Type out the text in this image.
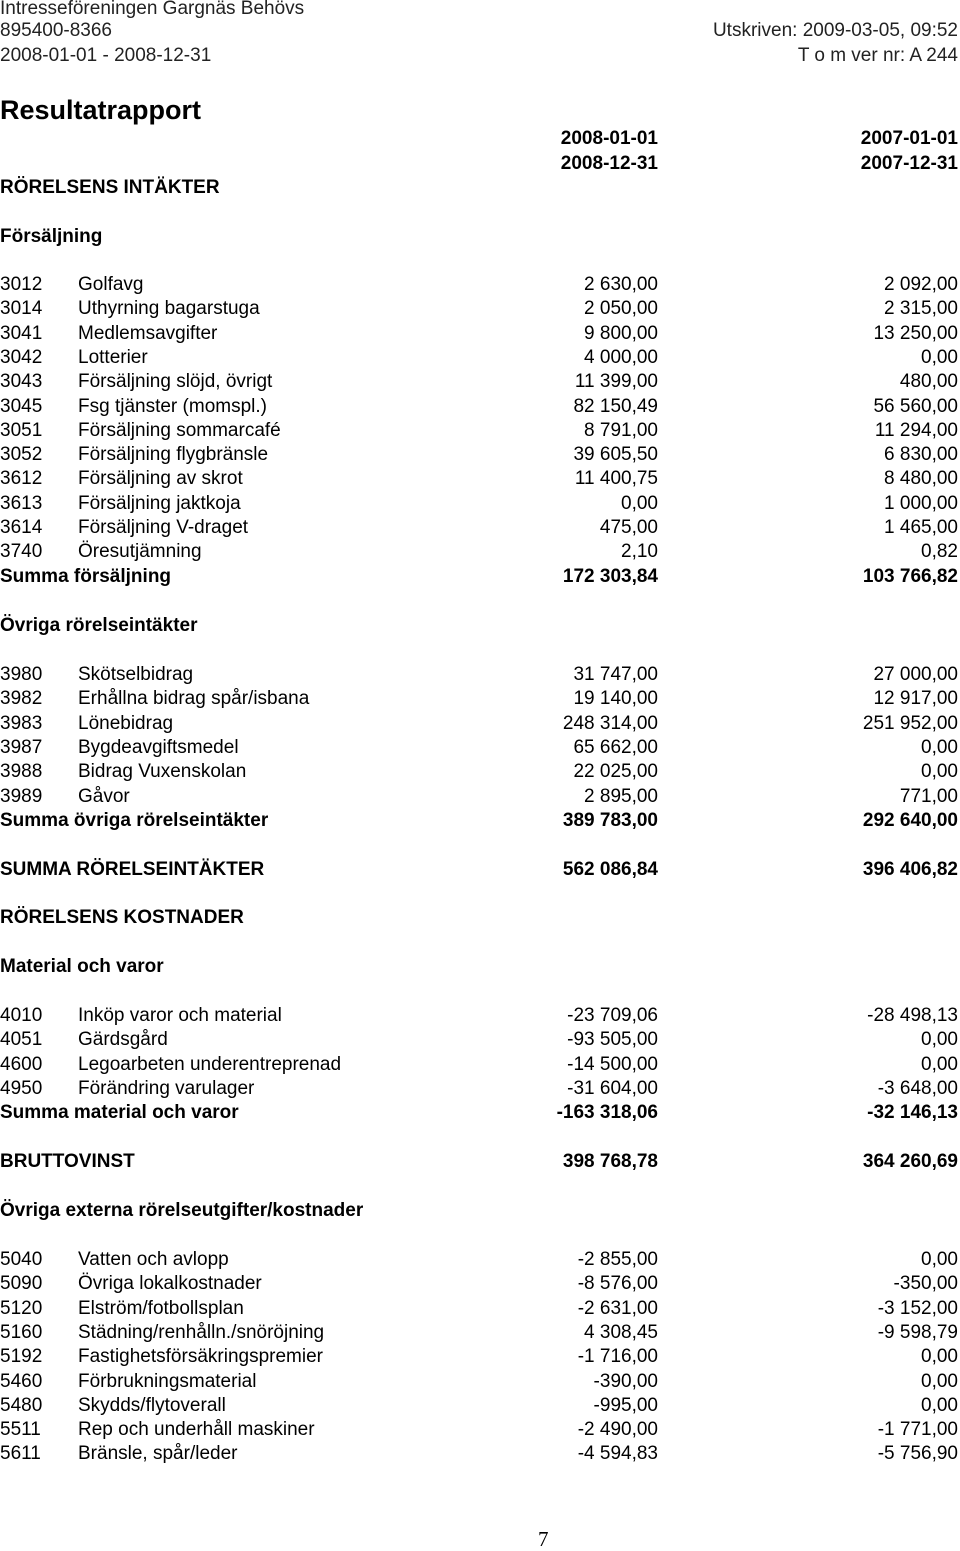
Intresseföreningen Gargnäs Behövs
895400-8366
2008-01-01 - 2008-12-31
Utskriven: 2009-03-05, 09:52
T o m ver nr: A 244
Resultatrapport
2008-01-01	2007-01-01
2008-12-31	2007-12-31
RÖRELSENS INTÄKTER
Försäljning
3012 Golfavg	2 630,00	2 092,00
3014 Uthyrning bagarstuga	2 050,00	2 315,00
3041 Medlemsavgifter	9 800,00	13 250,00
3042 Lotterier	4 000,00	0,00
3043 Försäljning slöjd, övrigt	11 399,00	480,00
3045 Fsg tjänster (momspl.)	82 150,49	56 560,00
3051 Försäljning sommarcafé	8 791,00	11 294,00
3052 Försäljning flygbränsle	39 605,50	6 830,00
3612 Försäljning av skrot	11 400,75	8 480,00
3613 Försäljning jaktkoja	0,00	1 000,00
3614 Försäljning V-draget	475,00	1 465,00
3740 Öresutjämning	2,10	0,82
Summa försäljning	172 303,84	103 766,82
Övriga rörelseintäkter
3980 Skötselbidrag	31 747,00	27 000,00
3982 Erhållna bidrag spår/isbana	19 140,00	12 917,00
3983 Lönebidrag	248 314,00	251 952,00
3987 Bygdeavgiftsmedel	65 662,00	0,00
3988 Bidrag Vuxenskolan	22 025,00	0,00
3989 Gåvor	2 895,00	771,00
Summa övriga rörelseintäkter	389 783,00	292 640,00
SUMMA RÖRELSEINTÄKTER	562 086,84	396 406,82
RÖRELSENS KOSTNADER
Material och varor
4010 Inköp varor och material	-23 709,06	-28 498,13
4051 Gärdsgård	-93 505,00	0,00
4600 Legoarbeten underentreprenad	-14 500,00	0,00
4950 Förändring varulager	-31 604,00	-3 648,00
Summa material och varor	-163 318,06	-32 146,13
BRUTTOVINST	398 768,78	364 260,69
Övriga externa rörelseutgifter/kostnader
5040 Vatten och avlopp	-2 855,00	0,00
5090 Övriga lokalkostnader	-8 576,00	-350,00
5120 Elström/fotbollsplan	-2 631,00	-3 152,00
5160 Städning/renhålln./snöröjning	4 308,45	-9 598,79
5192 Fastighetsförsäkringspremier	-1 716,00	0,00
5460 Förbrukningsmaterial	-390,00	0,00
5480 Skydds/flytoverall	-995,00	0,00
5511 Rep och underhåll maskiner	-2 490,00	-1 771,00
5611 Bränsle, spår/leder	-4 594,83	-5 756,90
7
